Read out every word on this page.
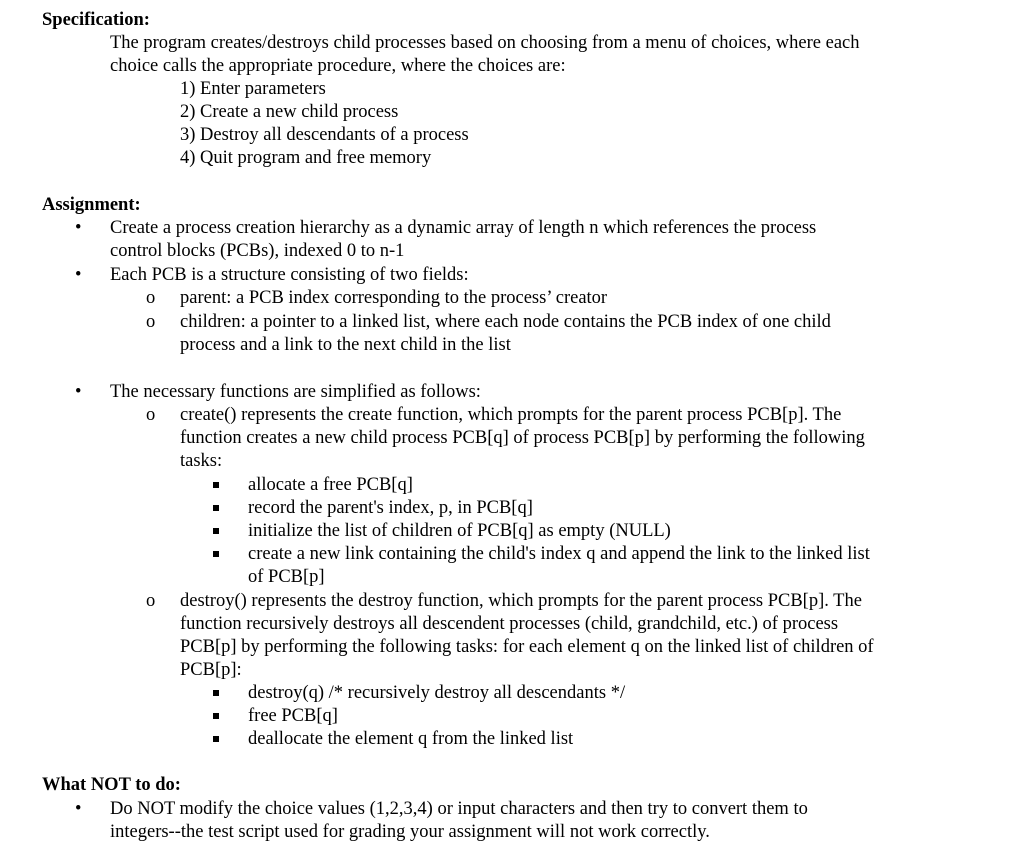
Specification:
The program creates/destroys child processes based on choosing from a menu of choices, where each
choice calls the appropriate procedure, where the choices are:
1) Enter parameters
2) Create a new child process
3) Destroy all descendants of a process
4) Quit program and free memory
Assignment:
• Create a process creation hierarchy as a dynamic array of length n which references the process
control blocks (PCBs), indexed 0 to n-1
• Each PCB is a structure consisting of two fields:
o parent: a PCB index corresponding to the process’ creator
o children: a pointer to a linked list, where each node contains the PCB index of one child
process and a link to the next child in the list
• The necessary functions are simplified as follows:
o create() represents the create function, which prompts for the parent process PCB[p]. The
function creates a new child process PCB[q] of process PCB[p] by performing the following
tasks:
allocate a free PCB[q]
record the parent's index, p, in PCB[q]
initialize the list of children of PCB[q] as empty (NULL)
create a new link containing the child's index q and append the link to the linked list
of PCB[p]
o destroy() represents the destroy function, which prompts for the parent process PCB[p]. The
function recursively destroys all descendent processes (child, grandchild, etc.) of process
PCB[p] by performing the following tasks: for each element q on the linked list of children of
PCB[p]:
destroy(q) /* recursively destroy all descendants */
free PCB[q]
deallocate the element q from the linked list
What NOT to do:
• Do NOT modify the choice values (1,2,3,4) or input characters and then try to convert them to
integers--the test script used for grading your assignment will not work correctly.
